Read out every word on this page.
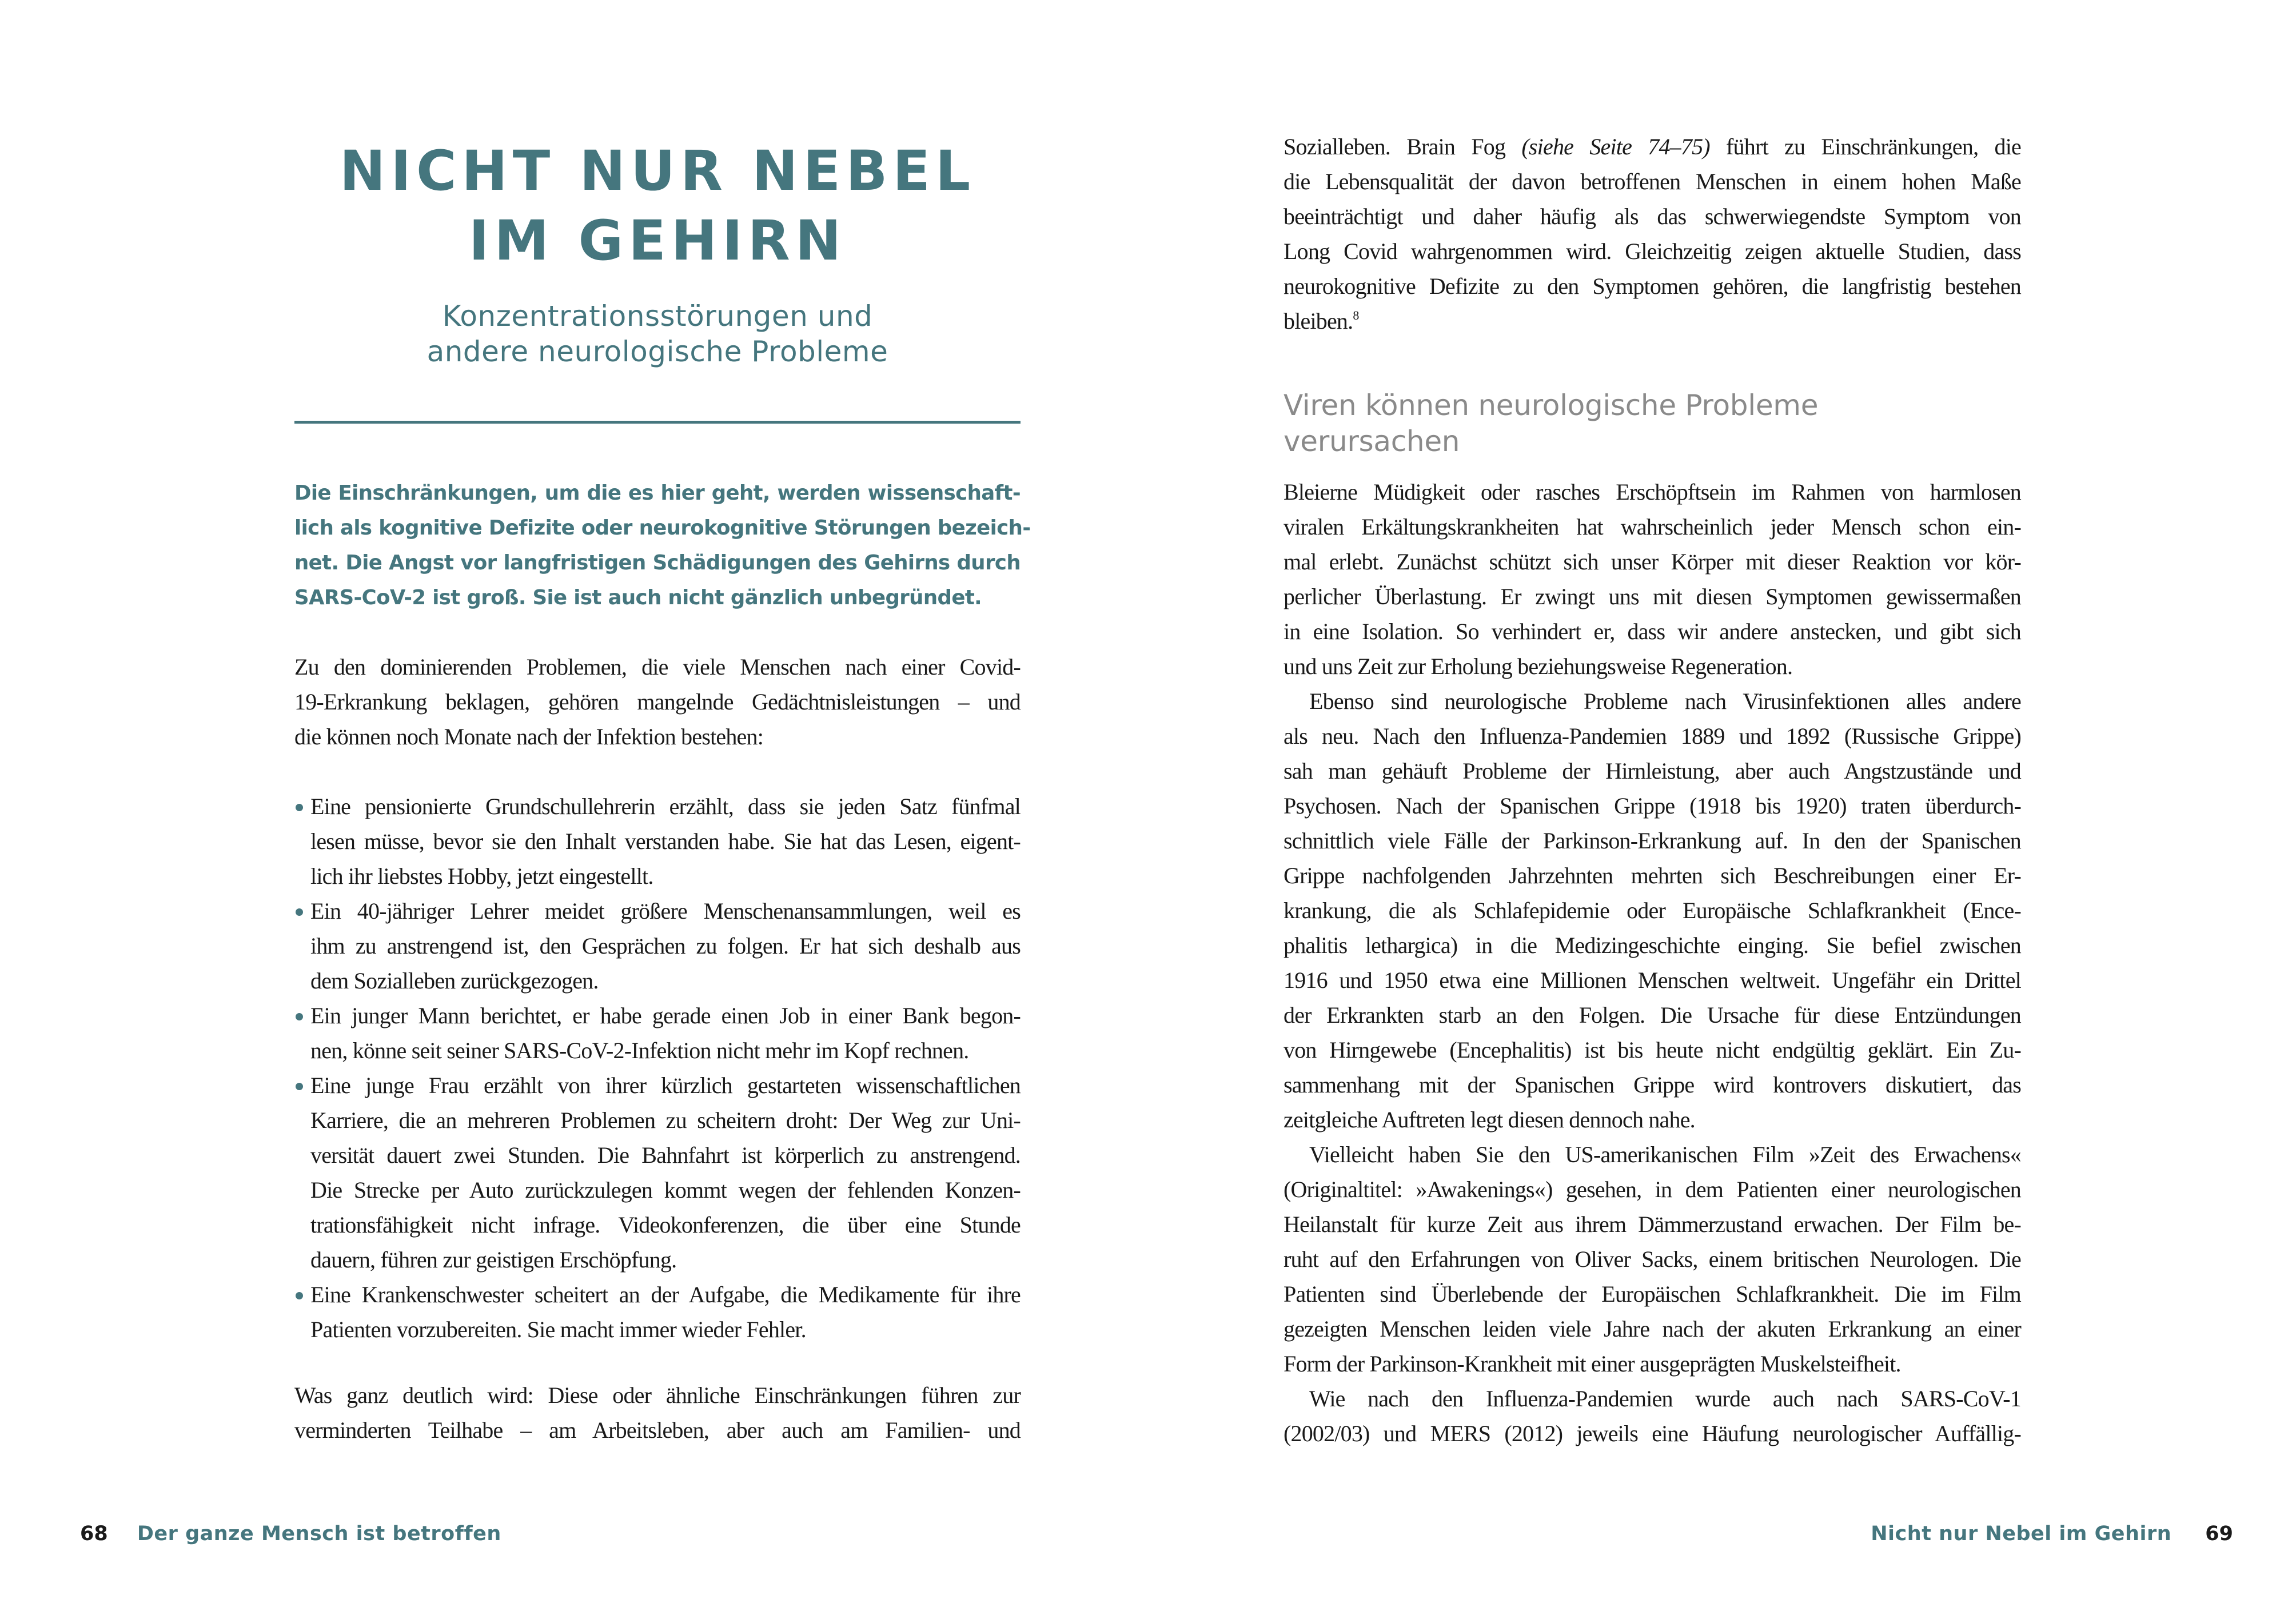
NICHT NUR NEBEL
IM GEHIRN
Konzentrationsstörungen und
andere neurologische Probleme

Die Einschränkungen, um die es hier geht, werden wissenschaft-
lich als kognitive Defizite oder neurokognitive Störungen bezeich-
net. Die Angst vor langfristigen Schädigungen des Gehirns durch
SARS-CoV-2 ist groß. Sie ist auch nicht gänzlich unbegründet.

Zu den dominierenden Problemen, die viele Menschen nach einer Covid-
19-Erkrankung beklagen, gehören mangelnde Gedächtnisleistungen – und
die können noch Monate nach der Infektion bestehen:

Eine pensionierte Grundschullehrerin erzählt, dass sie jeden Satz fünfmal
lesen müsse, bevor sie den Inhalt verstanden habe. Sie hat das Lesen, eigent-
lich ihr liebstes Hobby, jetzt eingestellt.
Ein 40-jähriger Lehrer meidet größere Menschenansammlungen, weil es
ihm zu anstrengend ist, den Gesprächen zu folgen. Er hat sich deshalb aus
dem Sozialleben zurückgezogen.
Ein junger Mann berichtet, er habe gerade einen Job in einer Bank begon-
nen, könne seit seiner SARS-CoV-2-Infektion nicht mehr im Kopf rechnen.
Eine junge Frau erzählt von ihrer kürzlich gestarteten wissenschaftlichen
Karriere, die an mehreren Problemen zu scheitern droht: Der Weg zur Uni-
versität dauert zwei Stunden. Die Bahnfahrt ist körperlich zu anstrengend.
Die Strecke per Auto zurückzulegen kommt wegen der fehlenden Konzen-
trationsfähigkeit nicht infrage. Videokonferenzen, die über eine Stunde
dauern, führen zur geistigen Erschöpfung.
Eine Krankenschwester scheitert an der Aufgabe, die Medikamente für ihre
Patienten vorzubereiten. Sie macht immer wieder Fehler.

Was ganz deutlich wird: Diese oder ähnliche Einschränkungen führen zur
verminderten Teilhabe – am Arbeitsleben, aber auch am Familien- und

68 Der ganze Mensch ist betroffen

Sozialleben. Brain Fog (siehe Seite 74–75) führt zu Einschränkungen, die
die Lebensqualität der davon betroffenen Menschen in einem hohen Maße
beeinträchtigt und daher häufig als das schwerwiegendste Symptom von
Long Covid wahrgenommen wird. Gleichzeitig zeigen aktuelle Studien, dass
neurokognitive Defizite zu den Symptomen gehören, die langfristig bestehen
bleiben.$^8$

Viren können neurologische Probleme
verursachen

Bleierne Müdigkeit oder rasches Erschöpftsein im Rahmen von harmlosen
viralen Erkältungskrankheiten hat wahrscheinlich jeder Mensch schon ein-
mal erlebt. Zunächst schützt sich unser Körper mit dieser Reaktion vor kör-
perlicher Überlastung. Er zwingt uns mit diesen Symptomen gewissermaßen
in eine Isolation. So verhindert er, dass wir andere anstecken, und gibt sich
und uns Zeit zur Erholung beziehungsweise Regeneration.

Ebenso sind neurologische Probleme nach Virusinfektionen alles andere
als neu. Nach den Influenza-Pandemien 1889 und 1892 (Russische Grippe)
sah man gehäuft Probleme der Hirnleistung, aber auch Angstzustände und
Psychosen. Nach der Spanischen Grippe (1918 bis 1920) traten überdurch-
schnittlich viele Fälle der Parkinson-Erkrankung auf. In den der Spanischen
Grippe nachfolgenden Jahrzehnten mehrten sich Beschreibungen einer Er-
krankung, die als Schlafepidemie oder Europäische Schlafkrankheit (Ence-
phalitis lethargica) in die Medizingeschichte einging. Sie befiel zwischen
1916 und 1950 etwa eine Millionen Menschen weltweit. Ungefähr ein Drittel
der Erkrankten starb an den Folgen. Die Ursache für diese Entzündungen
von Hirngewebe (Encephalitis) ist bis heute nicht endgültig geklärt. Ein Zu-
sammenhang mit der Spanischen Grippe wird kontrovers diskutiert, das
zeitgleiche Auftreten legt diesen dennoch nahe.

Vielleicht haben Sie den US-amerikanischen Film »Zeit des Erwachens«
(Originaltitel: »Awakenings«) gesehen, in dem Patienten einer neurologischen
Heilanstalt für kurze Zeit aus ihrem Dämmerzustand erwachen. Der Film be-
ruht auf den Erfahrungen von Oliver Sacks, einem britischen Neurologen. Die
Patienten sind Überlebende der Europäischen Schlafkrankheit. Die im Film
gezeigten Menschen leiden viele Jahre nach der akuten Erkrankung an einer
Form der Parkinson-Krankheit mit einer ausgeprägten Muskelsteifheit.

Wie nach den Influenza-Pandemien wurde auch nach SARS-CoV-1
(2002/03) und MERS (2012) jeweils eine Häufung neurologischer Auffällig-

Nicht nur Nebel im Gehirn 69
